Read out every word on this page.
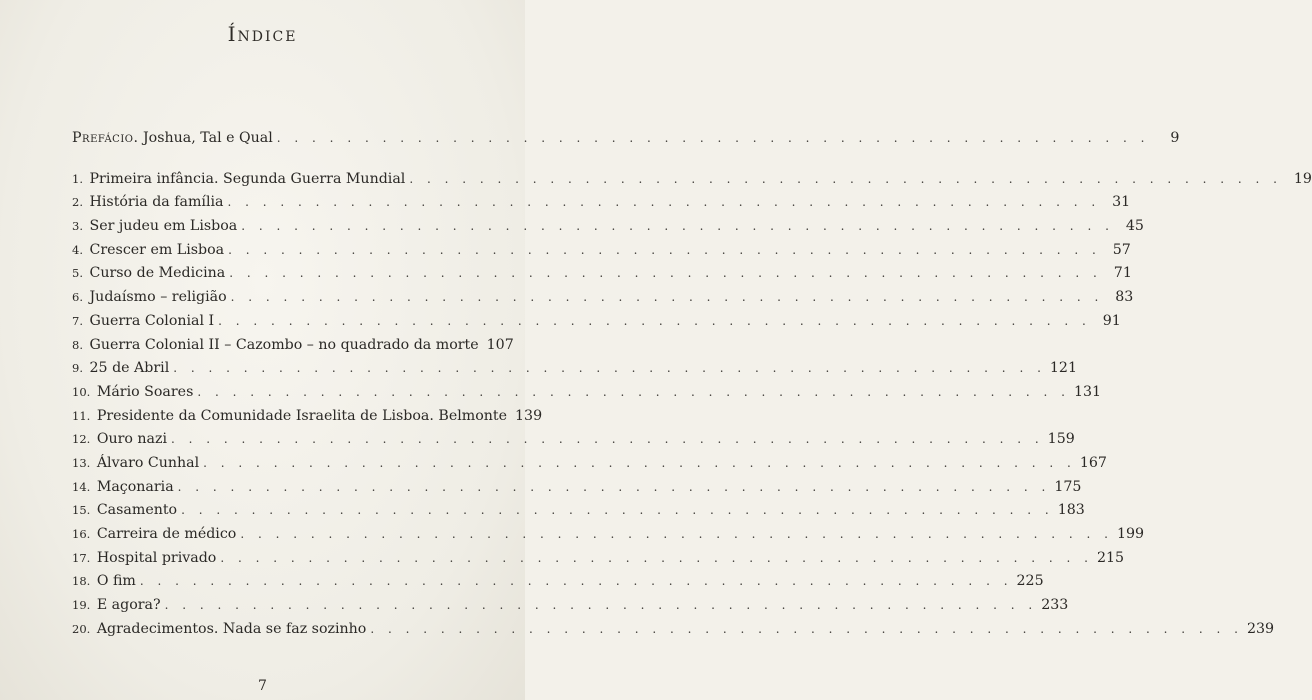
Índice
Prefácio. Joshua, Tal e Qual . . .	9
1. Primeira infância. Segunda Guerra Mundial . . .	19
2. História da família . . .	31
3. Ser judeu em Lisboa . . .	45
4. Crescer em Lisboa . . .	57
5. Curso de Medicina . . .	71
6. Judaísmo – religião . . .	83
7. Guerra Colonial I . . .	91
8. Guerra Colonial II – Cazombo – no quadrado da morte 107
9. 25 de Abril . . .	121
10. Mário Soares . . .	131
11. Presidente da Comunidade Israelita de Lisboa. Belmonte 139
12. Ouro nazi . . .	159
13. Álvaro Cunhal . . .	167
14. Maçonaria . . .	175
15. Casamento . . .	183
16. Carreira de médico . . .	199
17. Hospital privado . . .	215
18. O fim . . .	225
19. E agora? . . .	233
20. Agradecimentos. Nada se faz sozinho . . .	239
7
